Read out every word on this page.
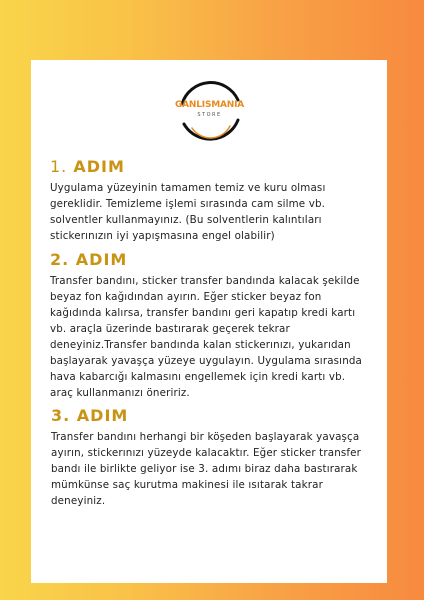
GANLISMANIA
STORE
1. ADIM

Uygulama yüzeyinin tamamen temiz ve kuru olması gereklidir. Temizleme işlemi sırasında cam silme vb. solventler kullanmayınız. (Bu solventlerin kalıntıları stickerınızın iyi yapışmasına engel olabilir)

2. ADIM

Transfer bandını, sticker transfer bandında kalacak şekilde beyaz fon kağıdından ayırın. Eğer sticker beyaz fon kağıdında kalırsa, transfer bandını geri kapatıp kredi kartı vb. araçla üzerinde bastırarak geçerek tekrar deneyiniz.Transfer bandında kalan stickerınızı, yukarıdan başlayarak yavaşça yüzeye uygulayın. Uygulama sırasında hava kabarcığı kalmasını engellemek için kredi kartı vb. araç kullanmanızı öneririz.

3. ADIM

Transfer bandını herhangi bir köşeden başlayarak yavaşça ayırın, stickerınızı yüzeyde kalacaktır. Eğer sticker transfer bandı ile birlikte geliyor ise 3. adımı biraz daha bastırarak mümkünse saç kurutma makinesi ile ısıtarak takrar deneyiniz.
